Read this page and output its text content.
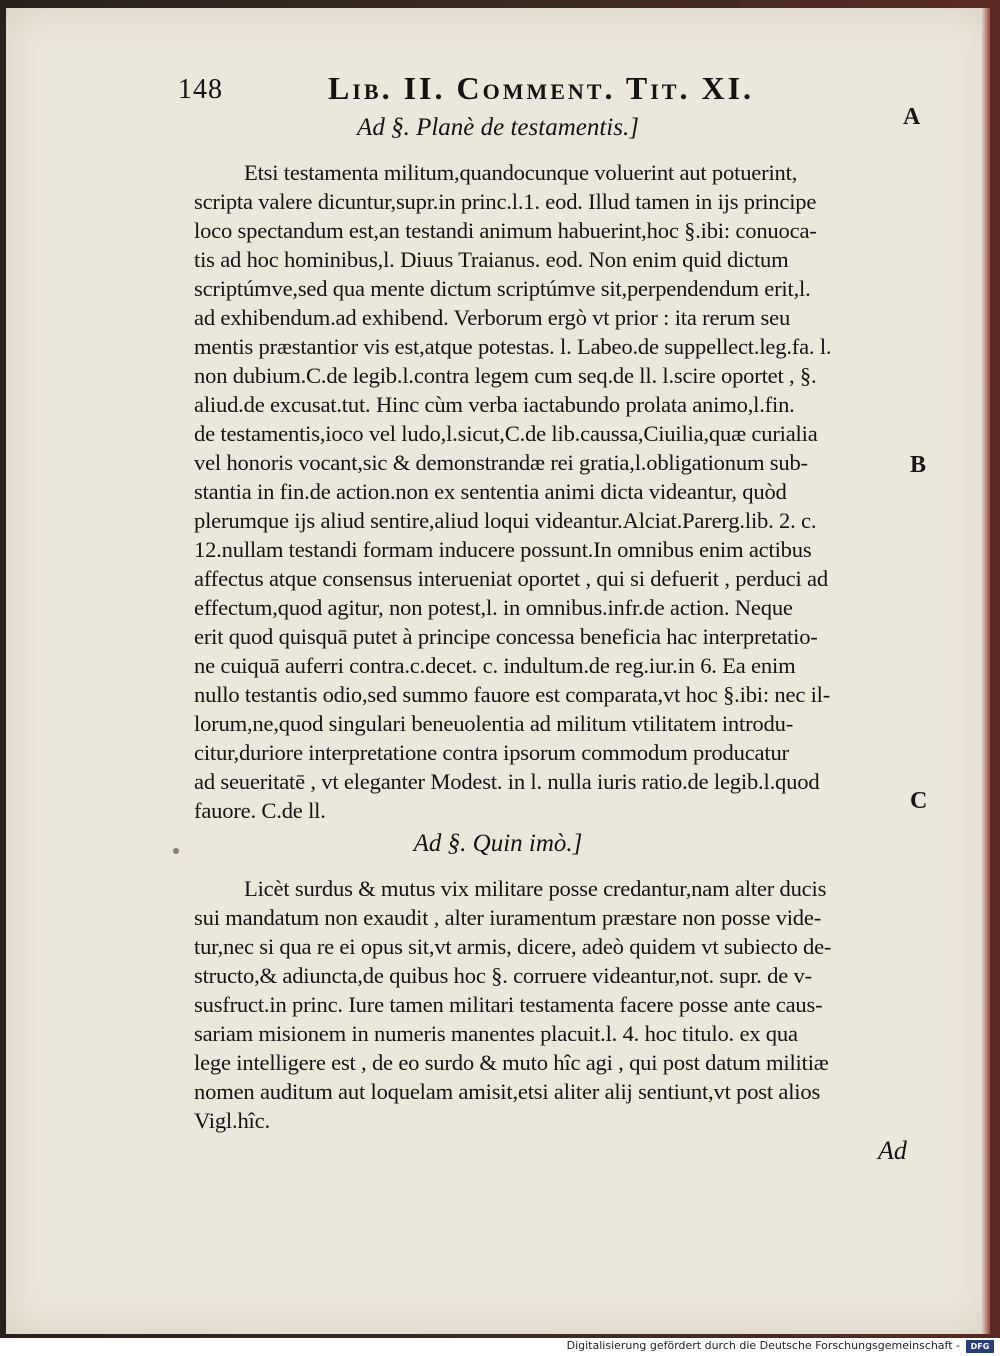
148	Lib. II. Comment. Tit. XI.
A
B
C
Ad §. Planè de testamentis.]
Etsi testamenta militum,quandocunque voluerint aut potuerint,
scripta valere dicuntur,supr.in princ.l.1. eod. Illud tamen in ijs principe
loco spectandum est,an testandi animum habuerint,hoc §.ibi: conuoca-
tis ad hoc hominibus,l. Diuus Traianus. eod. Non enim quid dictum
scriptúmve,sed qua mente dictum scriptúmve sit,perpendendum erit,l.
ad exhibendum.ad exhibend. Verborum ergò vt prior : ita rerum seu
mentis præstantior vis est,atque potestas. l. Labeo.de suppellect.leg.fa. l.
non dubium.C.de legib.l.contra legem cum seq.de ll. l.scire oportet , §.
aliud.de excusat.tut. Hinc cùm verba iactabundo prolata animo,l.fin.
de testamentis,ioco vel ludo,l.sicut,C.de lib.caussa,Ciuilia,quæ curialia
vel honoris vocant,sic & demonstrandæ rei gratia,l.obligationum sub-
stantia in fin.de action.non ex sententia animi dicta videantur, quòd
plerumque ijs aliud sentire,aliud loqui videantur.Alciat.Parerg.lib. 2. c.
12.nullam testandi formam inducere possunt.In omnibus enim actibus
affectus atque consensus interueniat oportet , qui si defuerit , perduci ad
effectum,quod agitur, non potest,l. in omnibus.infr.de action. Neque
erit quod quisquā putet à principe concessa beneficia hac interpretatio-
ne cuiquā auferri contra.c.decet. c. indultum.de reg.iur.in 6. Ea enim
nullo testantis odio,sed summo fauore est comparata,vt hoc §.ibi: nec il-
lorum,ne,quod singulari beneuolentia ad militum vtilitatem introdu-
citur,duriore interpretatione contra ipsorum commodum producatur
ad seueritatē , vt eleganter Modest. in l. nulla iuris ratio.de legib.l.quod
fauore. C.de ll.
Ad §. Quin imò.]
Licèt surdus & mutus vix militare posse credantur,nam alter ducis
sui mandatum non exaudit , alter iuramentum præstare non posse vide-
tur,nec si qua re ei opus sit,vt armis, dicere, adeò quidem vt subiecto de-
structo,& adiuncta,de quibus hoc §. corruere videantur,not. supr. de v-
susfruct.in princ. Iure tamen militari testamenta facere posse ante caus-
sariam misionem in numeris manentes placuit.l. 4. hoc titulo. ex qua
lege intelligere est , de eo surdo & muto hîc agi , qui post datum militiæ
nomen auditum aut loquelam amisit,etsi aliter alij sentiunt,vt post alios
Vigl.hîc.
Ad
Digitalisierung gefördert durch die Deutsche Forschungsgemeinschaft -	DFG
